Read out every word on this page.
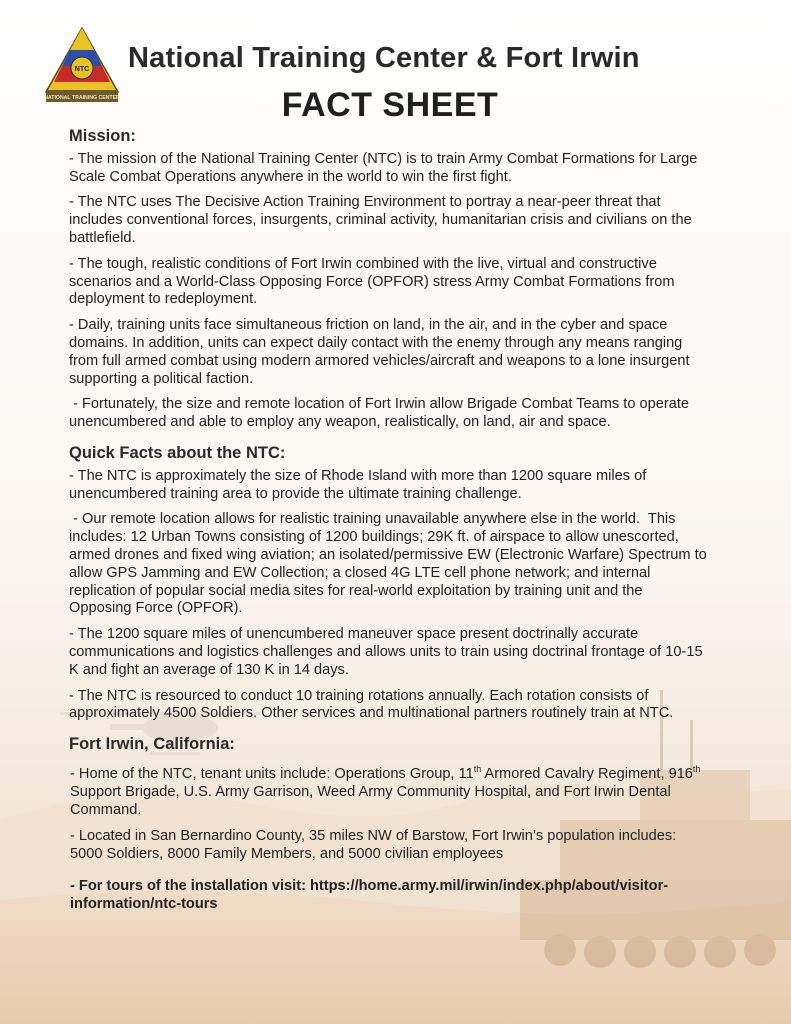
NTC
NATIONAL TRAINING CENTER
National Training Center & Fort Irwin
FACT SHEET
Mission:

- The mission of the National Training Center (NTC) is to train Army Combat Formations for Large Scale Combat Operations anywhere in the world to win the first fight.

- The NTC uses The Decisive Action Training Environment to portray a near-peer threat that includes conventional forces, insurgents, criminal activity, humanitarian crisis and civilians on the battlefield.

- The tough, realistic conditions of Fort Irwin combined with the live, virtual and constructive scenarios and a World-Class Opposing Force (OPFOR) stress Army Combat Formations from deployment to redeployment.

- Daily, training units face simultaneous friction on land, in the air, and in the cyber and space domains. In addition, units can expect daily contact with the enemy through any means ranging from full armed combat using modern armored vehicles/aircraft and weapons to a lone insurgent supporting a political faction.

- Fortunately, the size and remote location of Fort Irwin allow Brigade Combat Teams to operate unencumbered and able to employ any weapon, realistically, on land, air and space.

Quick Facts about the NTC:

- The NTC is approximately the size of Rhode Island with more than 1200 square miles of unencumbered training area to provide the ultimate training challenge.

- Our remote location allows for realistic training unavailable anywhere else in the world.  This includes: 12 Urban Towns consisting of 1200 buildings; 29K ft. of airspace to allow unescorted, armed drones and fixed wing aviation; an isolated/permissive EW (Electronic Warfare) Spectrum to allow GPS Jamming and EW Collection; a closed 4G LTE cell phone network; and internal replication of popular social media sites for real-world exploitation by training unit and the Opposing Force (OPFOR).

- The 1200 square miles of unencumbered maneuver space present doctrinally accurate communications and logistics challenges and allows units to train using doctrinal frontage of 10-15 K and fight an average of 130 K in 14 days.

- The NTC is resourced to conduct 10 training rotations annually. Each rotation consists of approximately 4500 Soldiers. Other services and multinational partners routinely train at NTC.

Fort Irwin, California:

- Home of the NTC, tenant units include: Operations Group, 11th Armored Cavalry Regiment, 916th Support Brigade, U.S. Army Garrison, Weed Army Community Hospital, and Fort Irwin Dental Command.

- Located in San Bernardino County, 35 miles NW of Barstow, Fort Irwin’s population includes: 5000 Soldiers, 8000 Family Members, and 5000 civilian employees

- For tours of the installation visit: https://home.army.mil/irwin/index.php/about/visitor-information/ntc-tours
